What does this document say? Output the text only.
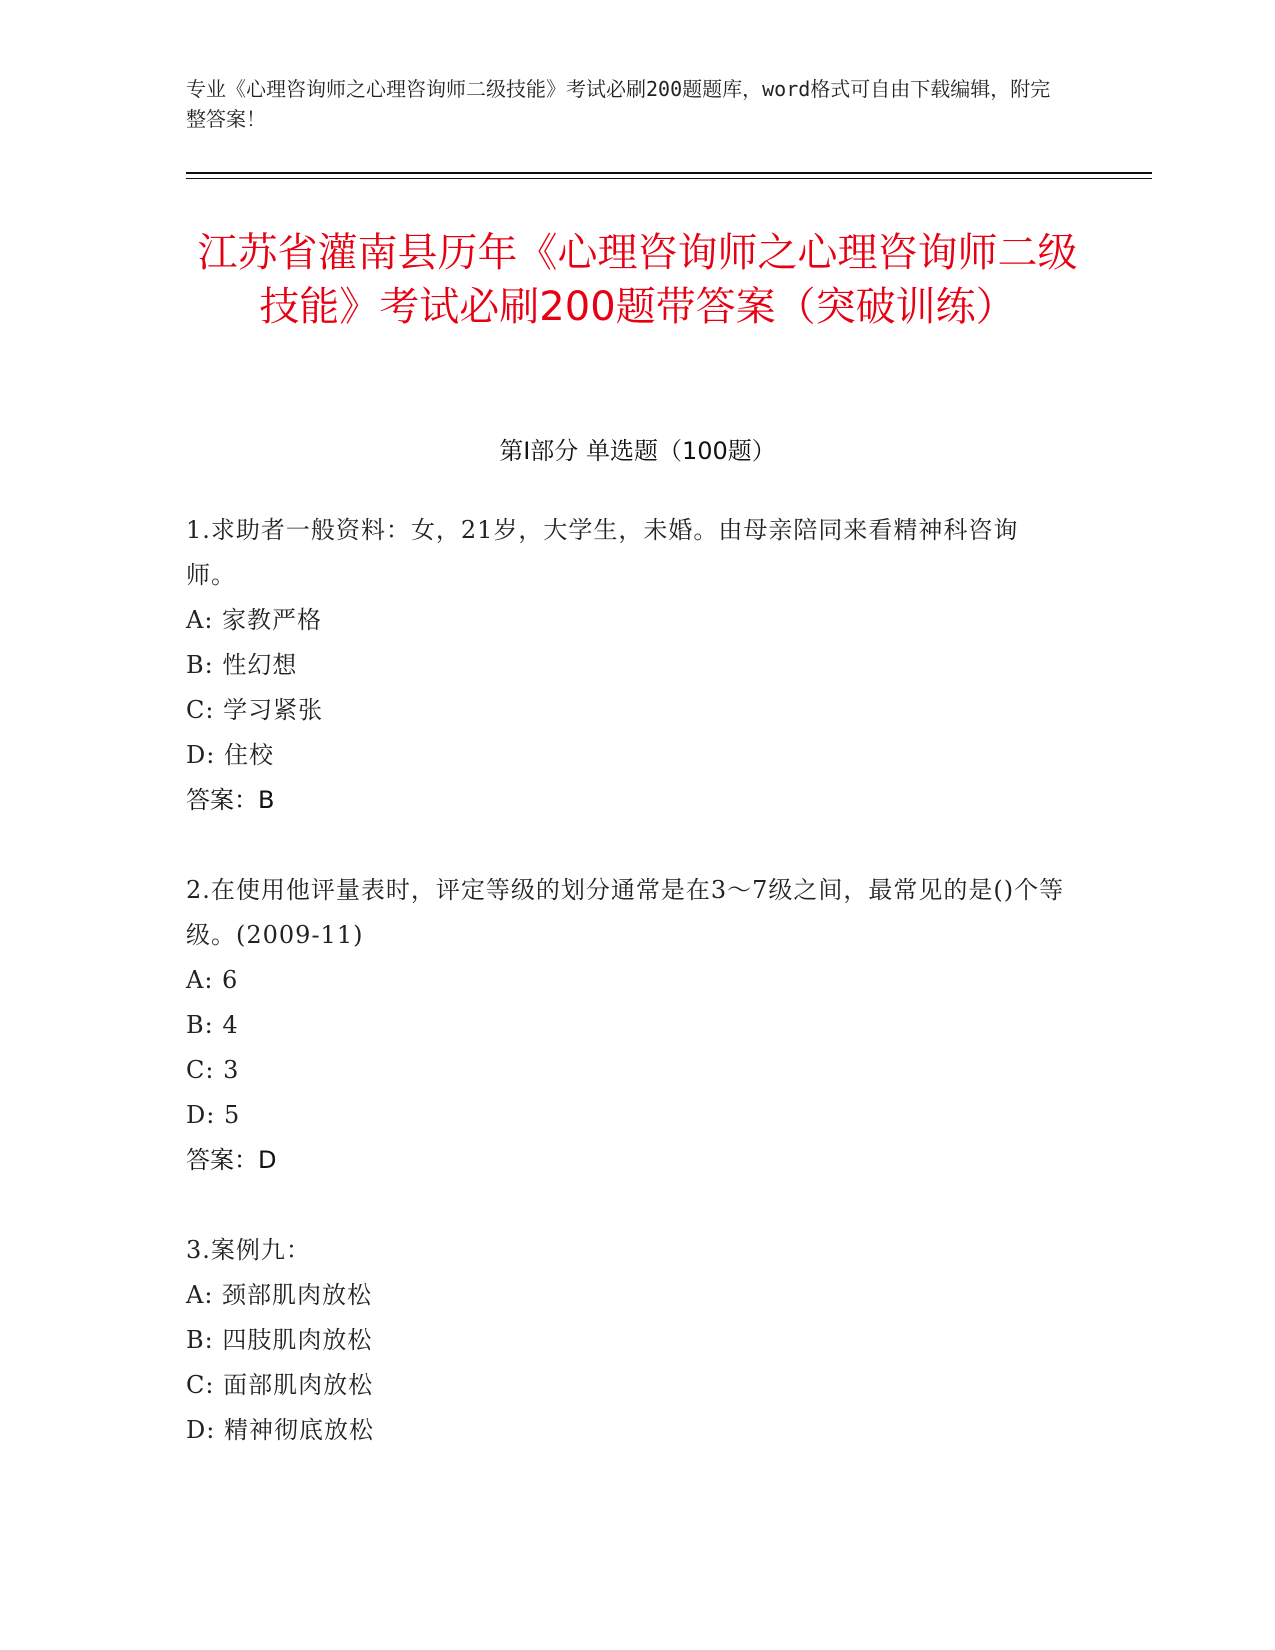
专业《心理咨询师之心理咨询师二级技能》考试必刷200题题库，word格式可自由下载编辑，附完整答案！
江苏省灌南县历年《心理咨询师之心理咨询师二级技能》考试必刷200题带答案（突破训练）
第I部分 单选题（100题）

1.求助者一般资料：女，21岁，大学生，未婚。由母亲陪同来看精神科咨询师。

A: 家教严格

B: 性幻想

C: 学习紧张

D: 住校

答案：B

2.在使用他评量表时，评定等级的划分通常是在3～7级之间，最常见的是()个等级。(2009-11)

A: 6

B: 4

C: 3

D: 5

答案：D

3.案例九：

A: 颈部肌肉放松

B: 四肢肌肉放松

C: 面部肌肉放松

D: 精神彻底放松
